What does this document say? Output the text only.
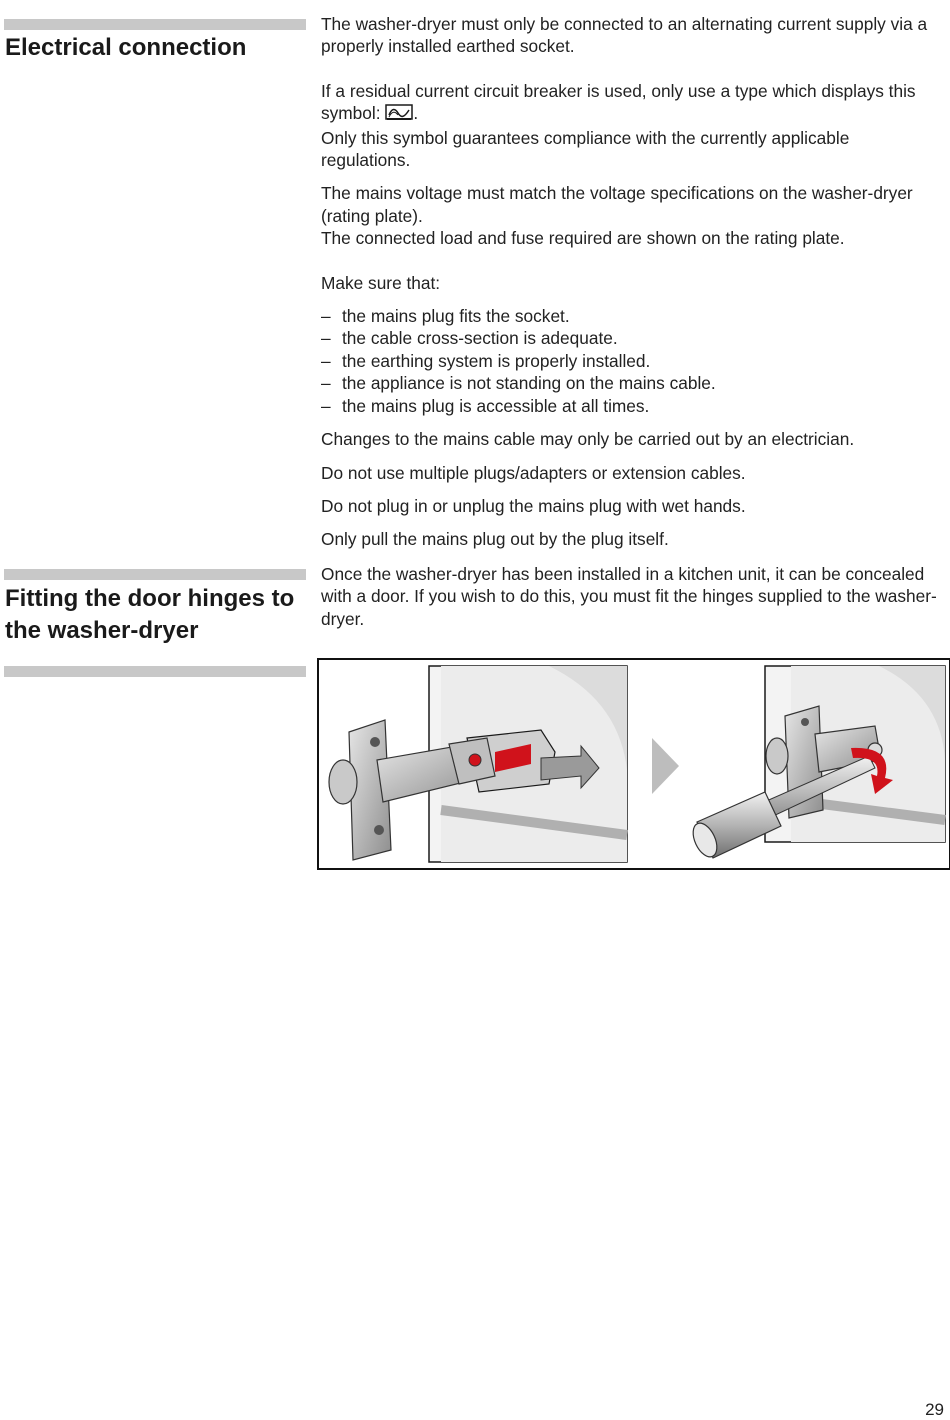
Electrical connection

The washer-dryer must only be connected to an alternating current supply via a properly installed earthed socket.

If a residual current circuit breaker is used, only use a type which displays this symbol: .

Only this symbol guarantees compliance with the currently applicable regulations.

The mains voltage must match the voltage specifications on the washer-dryer (rating plate).

The connected load and fuse required are shown on the rating plate.

Make sure that:

– the mains plug fits the socket.
– the cable cross-section is adequate.
– the earthing system is properly installed.
– the appliance is not standing on the mains cable.
– the mains plug is accessible at all times.

Changes to the mains cable may only be carried out by an electrician.

Do not use multiple plugs/adapters or extension cables.

Do not plug in or unplug the mains plug with wet hands.

Only pull the mains plug out by the plug itself.

Fitting the door hinges to the washer-dryer

Once the washer-dryer has been installed in a kitchen unit, it can be concealed with a door. If you wish to do this, you must fit the hinges supplied to the washer-dryer.

29
